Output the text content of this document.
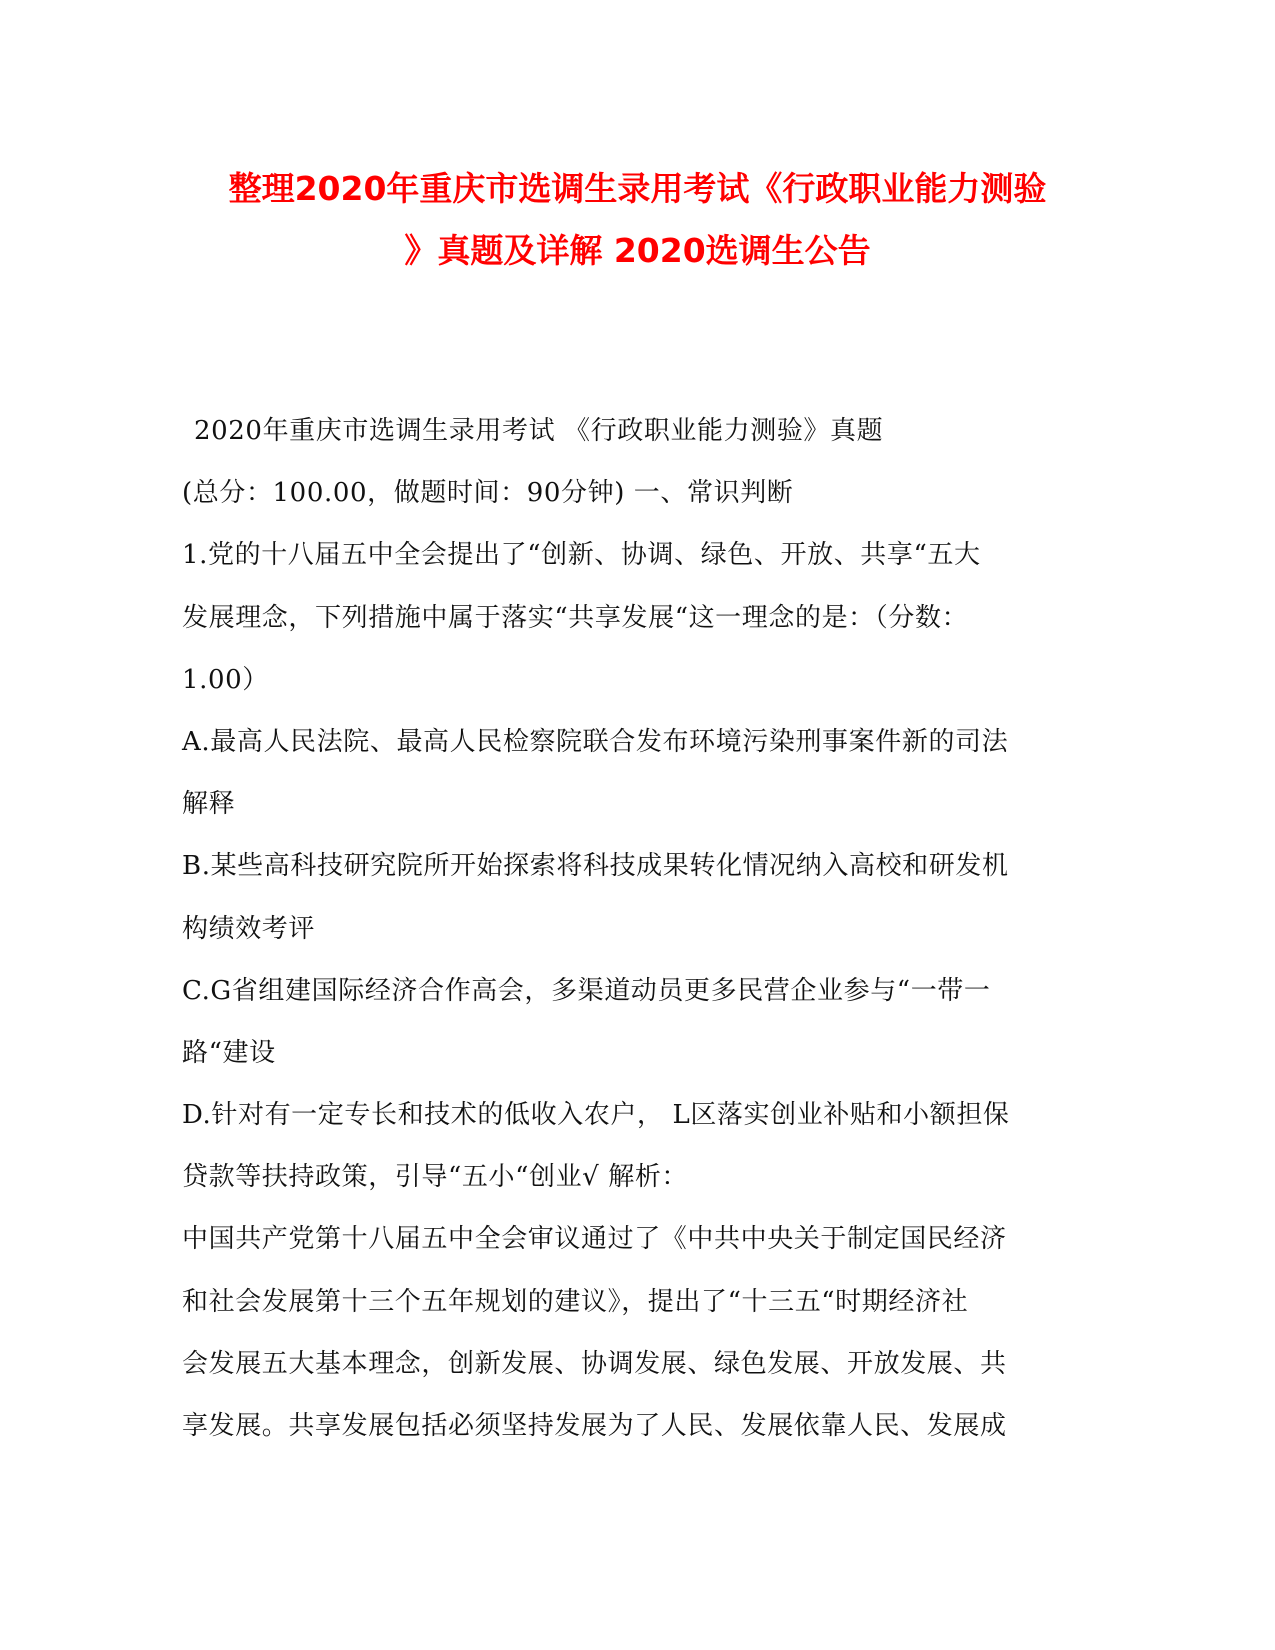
整理2020年重庆市选调生录用考试《行政职业能力测验
》真题及详解 2020选调生公告
2020年重庆市选调生录用考试 《行政职业能力测验》真题
(总分：100.00，做题时间：90分钟) 一、常识判断
1.党的十八届五中全会提出了“创新、协调、绿色、开放、共享“五大
发展理念，下列措施中属于落实“共享发展“这一理念的是：（分数：
1.00）
A.最高人民法院、最高人民检察院联合发布环境污染刑事案件新的司法
解释
B.某些高科技研究院所开始探索将科技成果转化情况纳入高校和研发机
构绩效考评
C.G省组建国际经济合作高会，多渠道动员更多民营企业参与“一带一
路“建设
D.针对有一定专长和技术的低收入农户， L区落实创业补贴和小额担保
贷款等扶持政策，引导“五小“创业√ 解析：
中国共产党第十八届五中全会审议通过了《中共中央关于制定国民经济
和社会发展第十三个五年规划的建议》，提出了“十三五“时期经济社
会发展五大基本理念，创新发展、协调发展、绿色发展、开放发展、共
享发展。共享发展包括必须坚持发展为了人民、发展依靠人民、发展成
